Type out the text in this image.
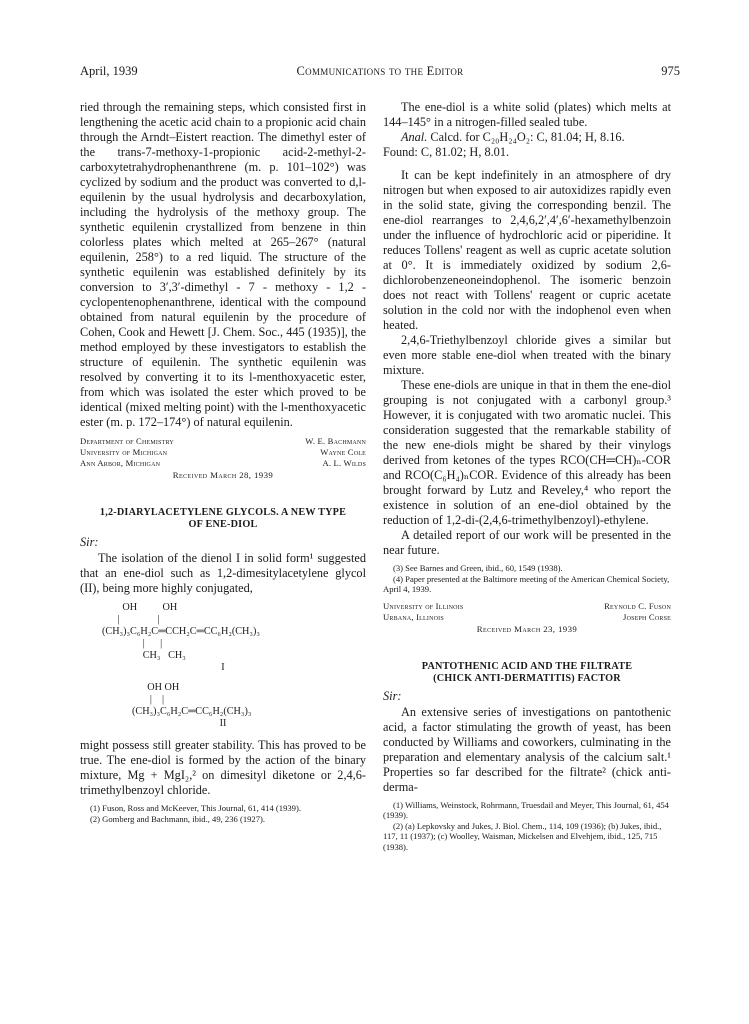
April, 1939	Communications to the Editor	975

ried through the remaining steps, which consisted first in lengthening the acetic acid chain to a propionic acid chain through the Arndt–Eistert reaction. The dimethyl ester of the trans-7-methoxy-1-propionic acid-2-methyl-2-carboxytetrahydrophenanthrene (m. p. 101–102°) was cyclized by sodium and the product was converted to d,l-equilenin by the usual hydrolysis and decarboxylation, including the hydrolysis of the methoxy group. The synthetic equilenin crystallized from benzene in thin colorless plates which melted at 265–267° (natural equilenin, 258°) to a red liquid. The structure of the synthetic equilenin was established definitely by its conversion to 3′,3′-dimethyl - 7 - methoxy - 1,2 - cyclopentenophenanthrene, identical with the compound obtained from natural equilenin by the procedure of Cohen, Cook and Hewett [J. Chem. Soc., 445 (1935)], the method employed by these investigators to establish the structure of equilenin. The synthetic equilenin was resolved by converting it to its l-menthoxyacetic ester, from which was isolated the ester which proved to be identical (mixed melting point) with the l-menthoxyacetic ester (m. p. 172–174°) of natural equilenin.

Department of Chemistry
University of Michigan
Ann Arbor, Michigan
W. E. Bachmann
Wayne Cole
A. L. Wilds
Received March 28, 1939
1,2-DIARYLACETYLENE GLYCOLS. A NEW TYPE
OF ENE-DIOL
Sir:

The isolation of the dienol I in solid form¹ suggested that an ene-diol such as 1,2-dimesitylacetylene glycol (II), being more highly conjugated,

OH          OH
|               |
(CH₃)₃C₆H₂C═CCH₂C═CC₆H₂(CH₃)₃
|      |
CH₃   CH₃
I
OH OH
|    |
(CH₃)₃C₆H₂C═CC₆H₂(CH₃)₃
II

might possess still greater stability. This has proved to be true. The ene-diol is formed by the action of the binary mixture, Mg + MgI₂,² on dimesityl diketone or 2,4,6-trimethylbenzoyl chloride.

(1) Fuson, Ross and McKeever, This Journal, 61, 414 (1939).
(2) Gomberg and Bachmann, ibid., 49, 236 (1927).

The ene-diol is a white solid (plates) which melts at 144–145° in a nitrogen-filled sealed tube.

Anal. Calcd. for C₂₀H₂₄O₂: C, 81.04; H, 8.16.

Found: C, 81.02; H, 8.01.

It can be kept indefinitely in an atmosphere of dry nitrogen but when exposed to air autoxidizes rapidly even in the solid state, giving the corresponding benzil. The ene-diol rearranges to 2,4,6,2′,4′,6′-hexamethylbenzoin under the influence of hydrochloric acid or piperidine. It reduces Tollens' reagent as well as cupric acetate solution at 0°. It is immediately oxidized by sodium 2,6-dichlorobenzeneoneindophenol. The isomeric benzoin does not react with Tollens' reagent or cupric acetate solution in the cold nor with the indophenol even when heated.

2,4,6-Triethylbenzoyl chloride gives a similar but even more stable ene-diol when treated with the binary mixture.

These ene-diols are unique in that in them the ene-diol grouping is not conjugated with a carbonyl group.³ However, it is conjugated with two aromatic nuclei. This consideration suggested that the remarkable stability of the new ene-diols might be shared by their vinylogs derived from ketones of the types RCO(CH═CH)ₙ-COR and RCO(C₆H₄)ₙCOR. Evidence of this already has been brought forward by Lutz and Reveley,⁴ who report the existence in solution of an ene-diol obtained by the reduction of 1,2-di-(2,4,6-trimethylbenzoyl)-ethylene.

A detailed report of our work will be presented in the near future.

(3) See Barnes and Green, ibid., 60, 1549 (1938).
(4) Paper presented at the Baltimore meeting of the American Chemical Society, April 4, 1939.
University of Illinois
Urbana, Illinois
Reynold C. Fuson
Joseph Corse
Received March 23, 1939
PANTOTHENIC ACID AND THE FILTRATE
(CHICK ANTI-DERMATITIS) FACTOR
Sir:

An extensive series of investigations on pantothenic acid, a factor stimulating the growth of yeast, has been conducted by Williams and coworkers, culminating in the preparation and elementary analysis of the calcium salt.¹ Properties so far described for the filtrate² (chick anti-derma-

(1) Williams, Weinstock, Rohrmann, Truesdail and Meyer, This Journal, 61, 454 (1939).
(2) (a) Lepkovsky and Jukes, J. Biol. Chem., 114, 109 (1936); (b) Jukes, ibid., 117, 11 (1937); (c) Woolley, Waisman, Mickelsen and Elvehjem, ibid., 125, 715 (1938).
